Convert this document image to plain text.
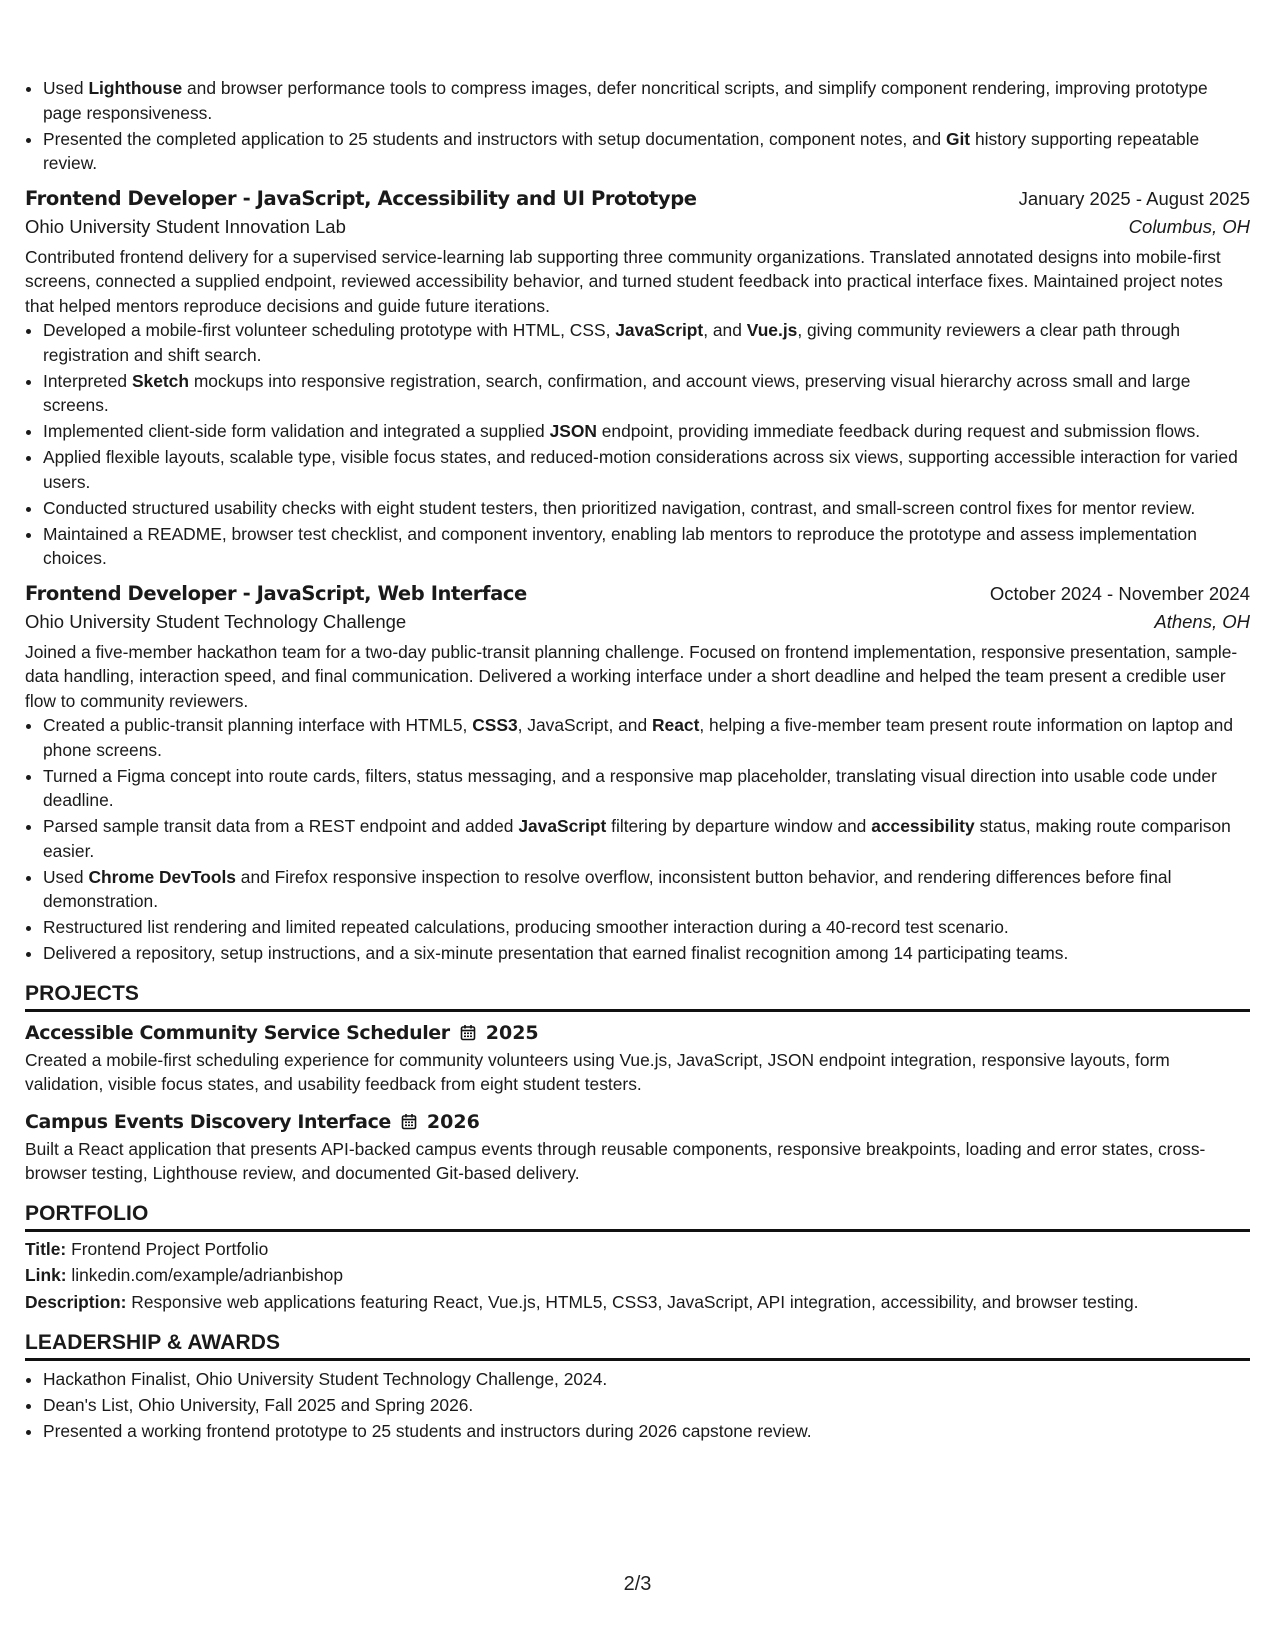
• Used Lighthouse and browser performance tools to compress images, defer noncritical scripts, and simplify component rendering, improving prototype page responsiveness.
• Presented the completed application to 25 students and instructors with setup documentation, component notes, and Git history supporting repeatable review.
Frontend Developer - JavaScript, Accessibility and UI Prototype	January 2025 - August 2025
Ohio University Student Innovation Lab	Columbus, OH
Contributed frontend delivery for a supervised service-learning lab supporting three community organizations. Translated annotated designs into mobile-first screens, connected a supplied endpoint, reviewed accessibility behavior, and turned student feedback into practical interface fixes. Maintained project notes that helped mentors reproduce decisions and guide future iterations.
• Developed a mobile-first volunteer scheduling prototype with HTML, CSS, JavaScript, and Vue.js, giving community reviewers a clear path through registration and shift search.
• Interpreted Sketch mockups into responsive registration, search, confirmation, and account views, preserving visual hierarchy across small and large screens.
• Implemented client-side form validation and integrated a supplied JSON endpoint, providing immediate feedback during request and submission flows.
• Applied flexible layouts, scalable type, visible focus states, and reduced-motion considerations across six views, supporting accessible interaction for varied users.
• Conducted structured usability checks with eight student testers, then prioritized navigation, contrast, and small-screen control fixes for mentor review.
• Maintained a README, browser test checklist, and component inventory, enabling lab mentors to reproduce the prototype and assess implementation choices.
Frontend Developer - JavaScript, Web Interface	October 2024 - November 2024
Ohio University Student Technology Challenge	Athens, OH
Joined a five-member hackathon team for a two-day public-transit planning challenge. Focused on frontend implementation, responsive presentation, sample-data handling, interaction speed, and final communication. Delivered a working interface under a short deadline and helped the team present a credible user flow to community reviewers.
• Created a public-transit planning interface with HTML5, CSS3, JavaScript, and React, helping a five-member team present route information on laptop and phone screens.
• Turned a Figma concept into route cards, filters, status messaging, and a responsive map placeholder, translating visual direction into usable code under deadline.
• Parsed sample transit data from a REST endpoint and added JavaScript filtering by departure window and accessibility status, making route comparison easier.
• Used Chrome DevTools and Firefox responsive inspection to resolve overflow, inconsistent button behavior, and rendering differences before final demonstration.
• Restructured list rendering and limited repeated calculations, producing smoother interaction during a 40-record test scenario.
• Delivered a repository, setup instructions, and a six-minute presentation that earned finalist recognition among 14 participating teams.
PROJECTS
Accessible Community Service Scheduler 2025
Created a mobile-first scheduling experience for community volunteers using Vue.js, JavaScript, JSON endpoint integration, responsive layouts, form validation, visible focus states, and usability feedback from eight student testers.
Campus Events Discovery Interface 2026
Built a React application that presents API-backed campus events through reusable components, responsive breakpoints, loading and error states, cross-browser testing, Lighthouse review, and documented Git-based delivery.
PORTFOLIO
Title: Frontend Project Portfolio
Link: linkedin.com/example/adrianbishop
Description: Responsive web applications featuring React, Vue.js, HTML5, CSS3, JavaScript, API integration, accessibility, and browser testing.
LEADERSHIP & AWARDS
• Hackathon Finalist, Ohio University Student Technology Challenge, 2024.
• Dean's List, Ohio University, Fall 2025 and Spring 2026.
• Presented a working frontend prototype to 25 students and instructors during 2026 capstone review.
2/3
